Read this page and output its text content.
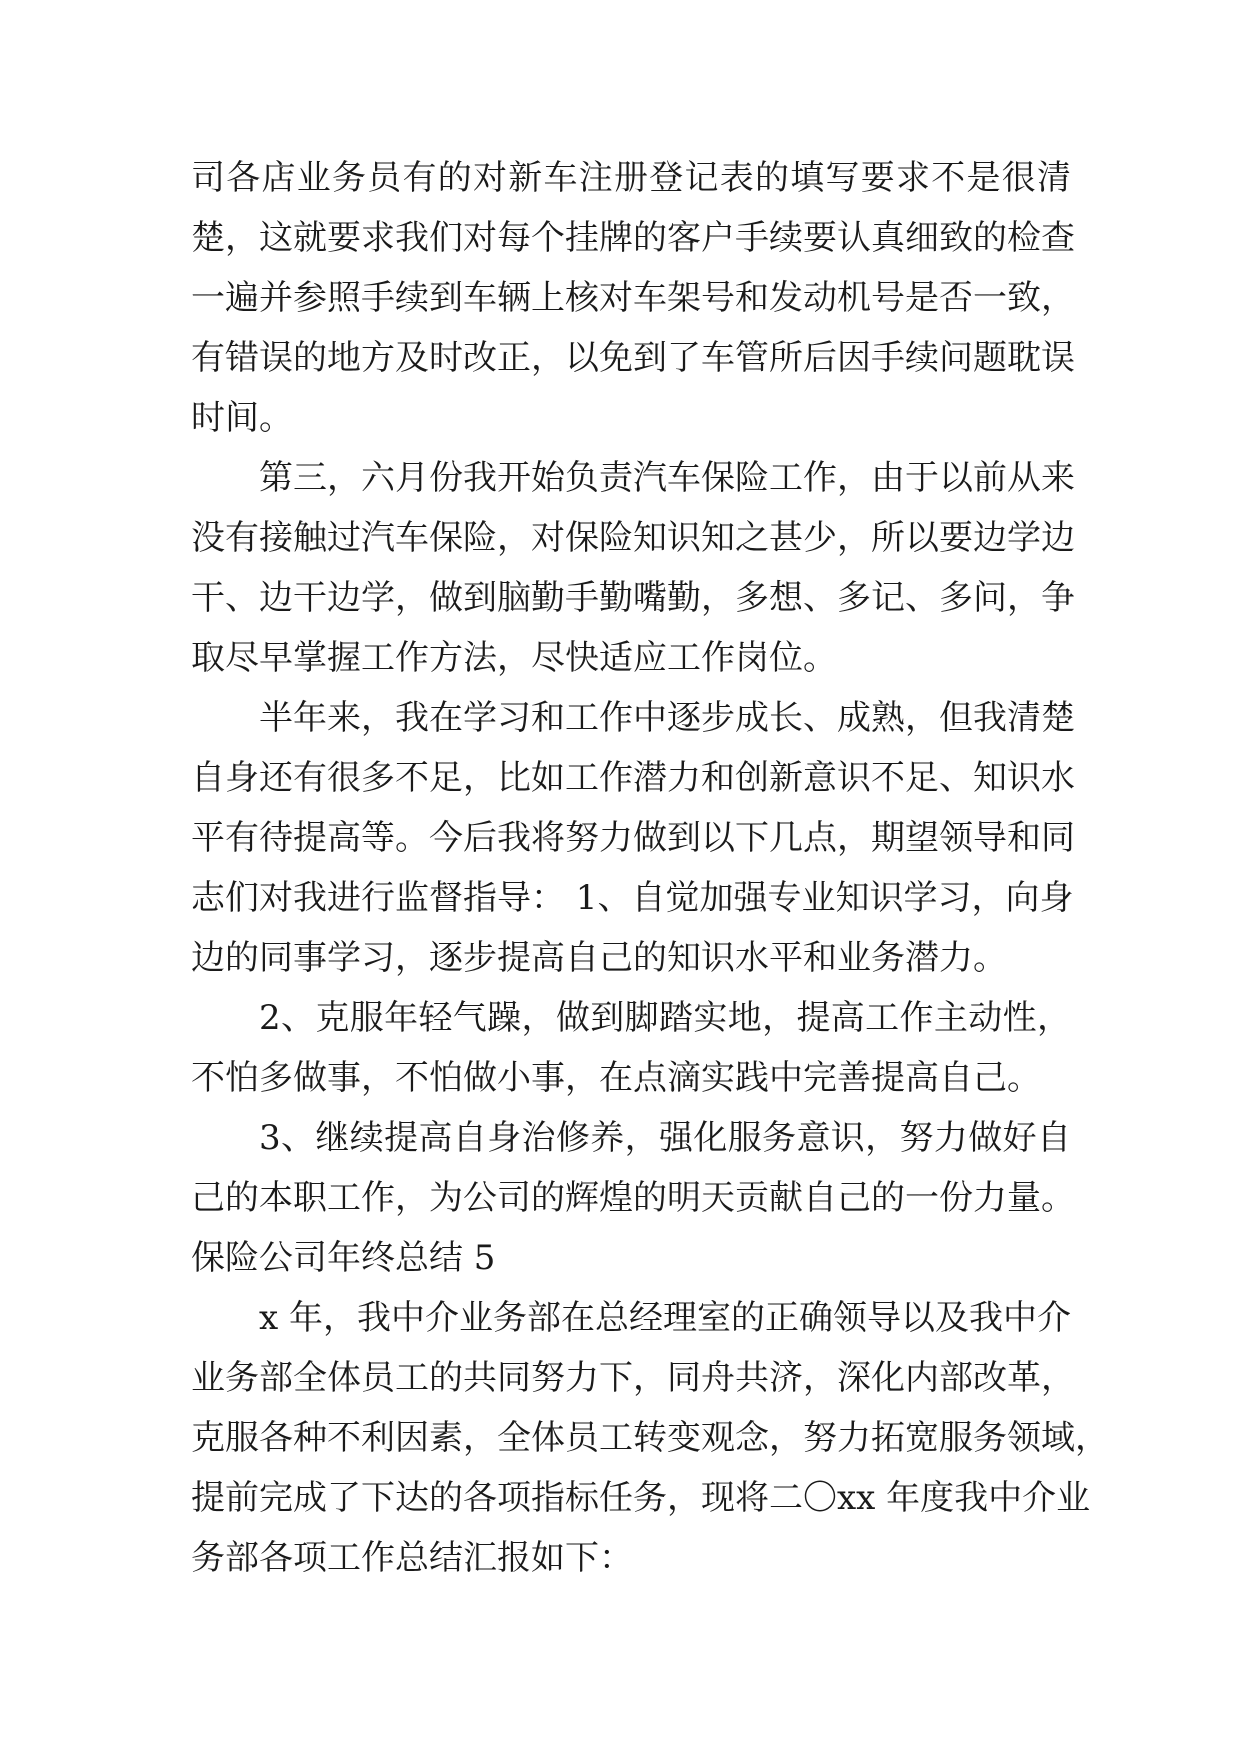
司各店业务员有的对新车注册登记表的填写要求不是很清
楚，这就要求我们对每个挂牌的客户手续要认真细致的检查
一遍并参照手续到车辆上核对车架号和发动机号是否一致，
有错误的地方及时改正，以免到了车管所后因手续问题耽误
时间。
第三，六月份我开始负责汽车保险工作，由于以前从来
没有接触过汽车保险，对保险知识知之甚少，所以要边学边
干、边干边学，做到脑勤手勤嘴勤，多想、多记、多问，争
取尽早掌握工作方法，尽快适应工作岗位。
半年来，我在学习和工作中逐步成长、成熟，但我清楚
自身还有很多不足，比如工作潜力和创新意识不足、知识水
平有待提高等。今后我将努力做到以下几点，期望领导和同
志们对我进行监督指导： 1、自觉加强专业知识学习，向身
边的同事学习，逐步提高自己的知识水平和业务潜力。
2、克服年轻气躁，做到脚踏实地，提高工作主动性，
不怕多做事，不怕做小事，在点滴实践中完善提高自己。
3、继续提高自身治修养，强化服务意识，努力做好自
己的本职工作，为公司的辉煌的明天贡献自己的一份力量。
保险公司年终总结 5
x 年，我中介业务部在总经理室的正确领导以及我中介
业务部全体员工的共同努力下，同舟共济，深化内部改革，
克服各种不利因素，全体员工转变观念，努力拓宽服务领域，
提前完成了下达的各项指标任务，现将二〇xx 年度我中介业
务部各项工作总结汇报如下：
